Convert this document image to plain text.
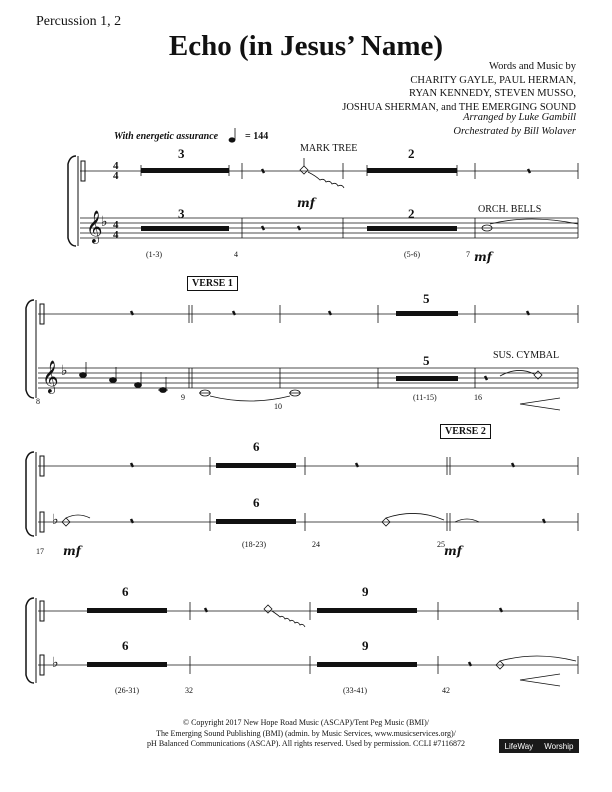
Percussion 1, 2
Echo (in Jesus’ Name)
Words and Music by
CHARITY GAYLE, PAUL HERMAN,
RYAN KENNEDY, STEVEN MUSSO,
JOSHUA SHERMAN, and THE EMERGING SOUND
Arranged by Luke Gambill
Orchestrated by Bill Wolaver
With energetic assurance	= 144
3	2
3	2
MARK TREE
ORCH. BELLS
mf
mf
4
4
4
4
𝄞
♭
(1-3)	4	(5-6)	7
VERSE 1
5
5	SUS. CYMBAL
𝄞 ♭
8	9
10
(11-15)	16
VERSE 2
6
6
mf	mf
♭
17
(18-23)	24	25
6	9
6	9
♭
(26-31)	32	(33-41)	42
© Copyright 2017 New Hope Road Music (ASCAP)/Tent Peg Music (BMI)/
The Emerging Sound Publishing (BMI) (admin. by Music Services, www.musicservices.org)/
pH Balanced Communications (ASCAP). All rights reserved. Used by permission. CCLI #7116872	LifeWay Worship
